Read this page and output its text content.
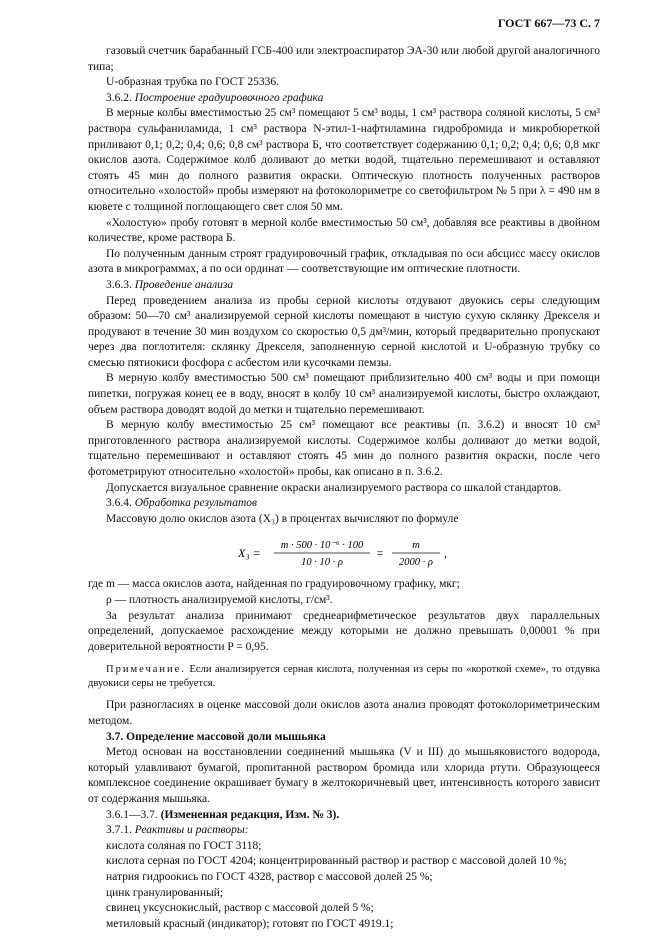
ГОСТ 667—73 С. 7

газовый счетчик барабанный ГСБ-400 или электроаспиратор ЭА-30 или любой другой аналогичного типа;

U-образная трубка по ГОСТ 25336.

3.6.2. Построение градуировочного графика

В мерные колбы вместимостью 25 см³ помещают 5 см³ воды, 1 см³ раствора соляной кислоты, 5 см³ раствора сульфаниламида, 1 см³ раствора N-этил-1-нафтиламина гидробромида и микробюреткой приливают 0,1; 0,2; 0,4; 0,6; 0,8 см³ раствора Б, что соответствует содержанию 0,1; 0,2; 0,4; 0,6; 0,8 мкг окислов азота. Содержимое колб доливают до метки водой, тщательно перемешивают и оставляют стоять 45 мин до полного развития окраски. Оптическую плотность полученных растворов относительно «холостой» пробы измеряют на фотоколориметре со светофильтром № 5 при λ = 490 нм в кювете с толщиной поглощающего свет слоя 50 мм.

«Холостую» пробу готовят в мерной колбе вместимостью 50 см³, добавляя все реактивы в двойном количестве, кроме раствора Б.

По полученным данным строят градуировочный график, откладывая по оси абсцисс массу окислов азота в микрограммах, а по оси ординат — соответствующие им оптические плотности.

3.6.3. Проведение анализа

Перед проведением анализа из пробы серной кислоты отдувают двуокись серы следующим образом: 50—70 см³ анализируемой серной кислоты помещают в чистую сухую склянку Дрекселя и продувают в течение 30 мин воздухом со скоростью 0,5 дм³/мин, который предварительно пропускают через два поглотителя: склянку Дрекселя, заполненную серной кислотой и U-образную трубку со смесью пятиокиси фосфора с асбестом или кусочками пемзы.

В мерную колбу вместимостью 500 см³ помещают приблизительно 400 см³ воды и при помощи пипетки, погружая конец ее в воду, вносят в колбу 10 см³ анализируемой кислоты, быстро охлаждают, объем раствора доводят водой до метки и тщательно перемешивают.

В мерную колбу вместимостью 25 см³ помещают все реактивы (п. 3.6.2) и вносят 10 см³ приготовленного раствора анализируемой кислоты. Содержимое колбы доливают до метки водой, тщательно перемешивают и оставляют стоять 45 мин до полного развития окраски, после чего фотометрируют относительно «холостой» пробы, как описано в п. 3.6.2.

Допускается визуальное сравнение окраски анализируемого раствора со шкалой стандартов.

3.6.4. Обработка результатов

Массовую долю окислов азота (X₃) в процентах вычисляют по формуле

X₃ =
m · 500 · 10⁻⁶ · 100
10 · 10 · ρ
=
m
2000 · ρ
,

где m — масса окислов азота, найденная по градуировочному графику, мкг;

ρ — плотность анализируемой кислоты, г/см³.

За результат анализа принимают среднеарифметическое результатов двух параллельных определений, допускаемое расхождение между которыми не должно превышать 0,00001 % при доверительной вероятности P = 0,95.

Примечание. Если анализируется серная кислота, полученная из серы по «короткой схеме», то отдувка двуокиси серы не требуется.

При разногласиях в оценке массовой доли окислов азота анализ проводят фотоколориметрическим методом.

3.7. Определение массовой доли мышьяка

Метод основан на восстановлении соединений мышьяка (V и III) до мышьяковистого водорода, который улавливают бумагой, пропитанной раствором бромида или хлорида ртути. Образующееся комплексное соединение окрашивает бумагу в желтокоричневый цвет, интенсивность которого зависит от содержания мышьяка.

3.6.1—3.7. (Измененная редакция, Изм. № 3).

3.7.1. Реактивы и растворы:

кислота соляная по ГОСТ 3118;

кислота серная по ГОСТ 4204; концентрированный раствор и раствор с массовой долей 10 %;

натрия гидроокись по ГОСТ 4328, раствор с массовой долей 25 %;

цинк гранулированный;

свинец уксуснокислый, раствор с массовой долей 5 %;

метиловый красный (индикатор); готовят по ГОСТ 4919.1;
